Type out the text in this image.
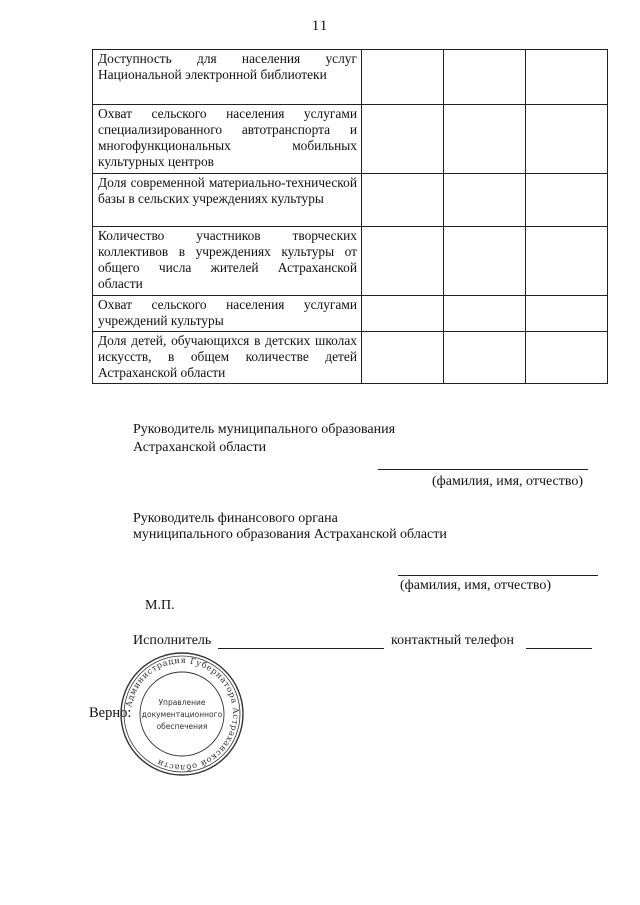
11
Доступность для населения услуг Национальной электронной библиотеки			
Охват сельского населения услугами специализированного автотранспорта и многофункциональных мобильных культурных центров			
Доля современной материально-технической базы в сельских учреждениях культуры			
Количество участников творческих коллективов в учреждениях культуры от общего числа жителей Астраханской области			
Охват сельского населения услугами учреждений культуры			
Доля детей, обучающихся в детских школах искусств, в общем количестве детей Астраханской области			
Руководитель муниципального образования
Астраханской области
(фамилия, имя, отчество)
Руководитель финансового органа
муниципального образования Астраханской области
(фамилия, имя, отчество)
М.П.
Исполнитель	контактный телефон
Верно:
Администрация Губернатора Астраханской области
Управление
документационного
обеспечения
